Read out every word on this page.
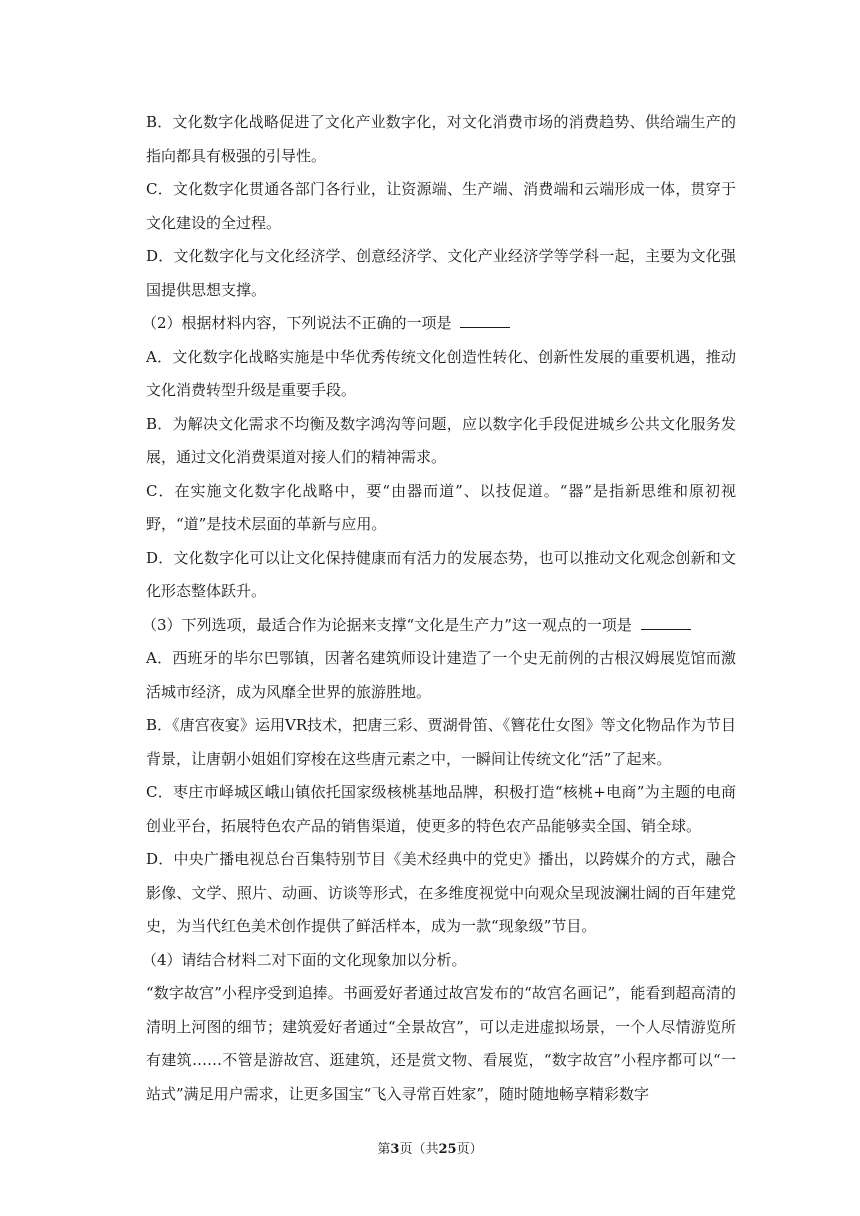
B．文化数字化战略促进了文化产业数字化，对文化消费市场的消费趋势、供给端生产的指向都具有极强的引导性。

C．文化数字化贯通各部门各行业，让资源端、生产端、消费端和云端形成一体，贯穿于文化建设的全过程。

D．文化数字化与文化经济学、创意经济学、文化产业经济学等学科一起，主要为文化强国提供思想支撑。

（2）根据材料内容，下列说法不正确的一项是

A．文化数字化战略实施是中华优秀传统文化创造性转化、创新性发展的重要机遇，推动文化消费转型升级是重要手段。

B．为解决文化需求不均衡及数字鸿沟等问题，应以数字化手段促进城乡公共文化服务发展，通过文化消费渠道对接人们的精神需求。

C．在实施文化数字化战略中，要“由器而道”、以技促道。“器”是指新思维和原初视野，“道”是技术层面的革新与应用。

D．文化数字化可以让文化保持健康而有活力的发展态势，也可以推动文化观念创新和文化形态整体跃升。

（3）下列选项，最适合作为论据来支撑“文化是生产力”这一观点的一项是

A．西班牙的毕尔巴鄂镇，因著名建筑师设计建造了一个史无前例的古根汉姆展览馆而激活城市经济，成为风靡全世界的旅游胜地。

B．《唐宫夜宴》运用VR技术，把唐三彩、贾湖骨笛、《簪花仕女图》等文化物品作为节目背景，让唐朝小姐姐们穿梭在这些唐元素之中，一瞬间让传统文化“活”了起来。

C．枣庄市峄城区峨山镇依托国家级核桃基地品牌，积极打造“核桃+电商”为主题的电商创业平台，拓展特色农产品的销售渠道，使更多的特色农产品能够卖全国、销全球。

D．中央广播电视总台百集特别节目《美术经典中的党史》播出，以跨媒介的方式，融合影像、文学、照片、动画、访谈等形式，在多维度视觉中向观众呈现波澜壮阔的百年建党史，为当代红色美术创作提供了鲜活样本，成为一款“现象级”节目。

（4）请结合材料二对下面的文化现象加以分析。

“数字故宫”小程序受到追捧。书画爱好者通过故宫发布的“故宫名画记”，能看到超高清的清明上河图的细节；建筑爱好者通过“全景故宫”，可以走进虚拟场景，一个人尽情游览所有建筑……不管是游故宫、逛建筑，还是赏文物、看展览，“数字故宫”小程序都可以“一站式”满足用户需求，让更多国宝“飞入寻常百姓家”，随时随地畅享精彩数字

第3页（共25页）
